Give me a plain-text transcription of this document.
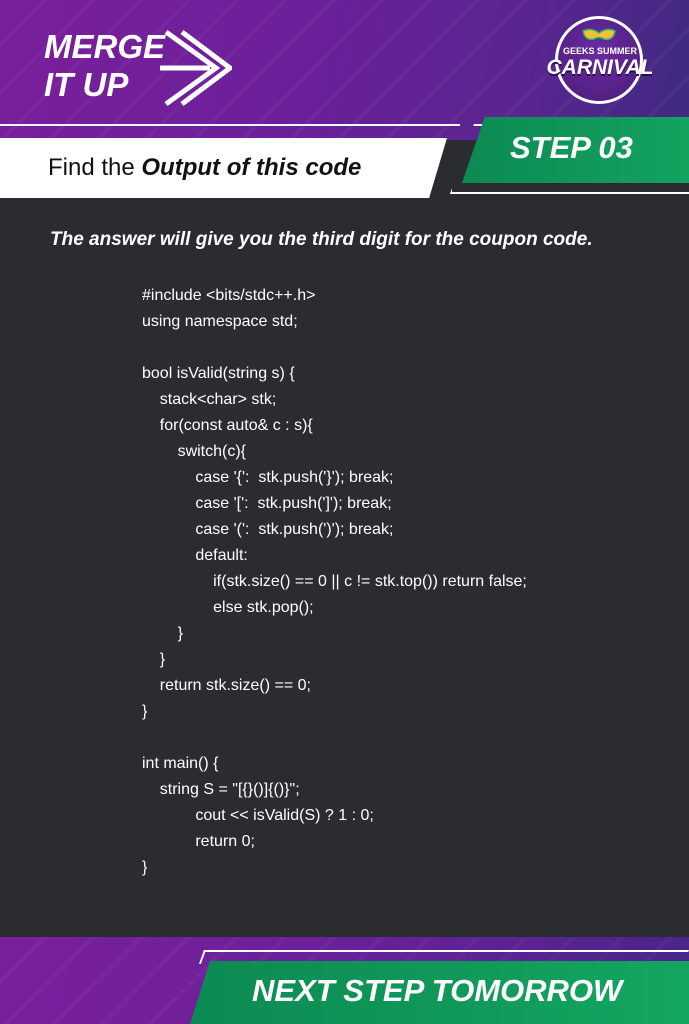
MERGE
IT UP
GEEKS SUMMER
CARNIVAL
Find the Output of this code
STEP 03
The answer will give you the third digit for the coupon code.
#include <bits/stdc++.h>
using namespace std;
bool isValid(string s) {
stack<char> stk;
for(const auto& c : s){
switch(c){
case '{':  stk.push('}'); break;
case '[':  stk.push(']'); break;
case '(':  stk.push(')'); break;
default:
if(stk.size() == 0 || c != stk.top()) return false;
else stk.pop();
}
}
return stk.size() == 0;
}
int main() {
string S = "[{}()]{()}";
cout << isValid(S) ? 1 : 0;
return 0;
}
NEXT STEP TOMORROW
